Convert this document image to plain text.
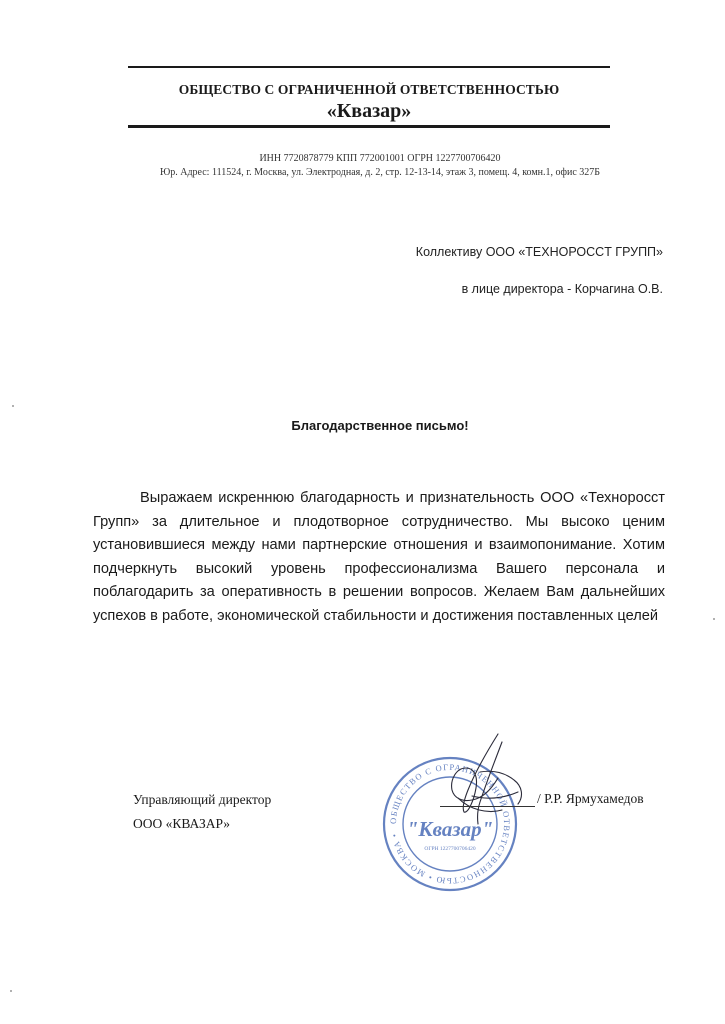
ОБЩЕСТВО С ОГРАНИЧЕННОЙ ОТВЕТСТВЕННОСТЬЮ
«Квазар»
ИНН 7720878779 КПП 772001001 ОГРН 1227700706420
Юр. Адрес: 111524, г. Москва, ул. Электродная, д. 2, стр. 12-13-14, этаж 3, помещ. 4, комн.1, офис 327Б
Коллективу ООО «ТЕХНОРОСCТ ГРУПП»
в лице директора - Корчагина О.В.
Благодарственное письмо!

Выражаем искреннюю благодарность и признательность ООО «Техноросст Групп» за длительное и плодотворное сотрудничество. Мы высоко ценим установившиеся между нами партнерские отношения и взаимопонимание. Хотим подчеркнуть высокий уровень профессионализма Вашего персонала и поблагодарить за оперативность в решении вопросов. Желаем Вам дальнейших успехов в работе, экономической стабильности и достижения поставленных целей

Управляющий директор
ООО «КВАЗАР»	ОБЩЕСТВО С ОГРАНИЧЕННОЙ ОТВЕТСТВЕННОСТЬЮ • МОСКВА • "Квазар"
ОГРН 1227700706420
/ Р.Р. Ярмухамедов
